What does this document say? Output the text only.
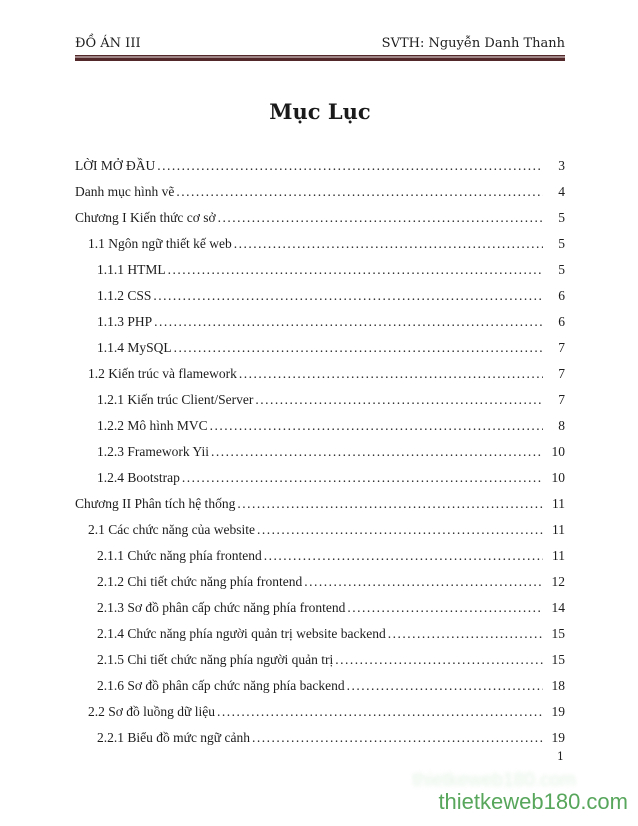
ĐỒ ÁN III	SVTH: Nguyễn Danh Thanh
Mục Lục
LỜI MỞ ĐẦU .....	3
Danh mục hình vẽ .....	4
Chương I Kiến thức cơ sở .....	5
1.1 Ngôn ngữ thiết kế web .....	5
1.1.1 HTML .....	5
1.1.2 CSS .....	6
1.1.3 PHP .....	6
1.1.4 MySQL .....	7
1.2 Kiến trúc và flamework .....	7
1.2.1 Kiến trúc Client/Server .....	7
1.2.2 Mô hình MVC .....	8
1.2.3 Framework Yii .....	10
1.2.4 Bootstrap .....	10
Chương II Phân tích hệ thống .....	11
2.1 Các chức năng của website .....	11
2.1.1 Chức năng phía frontend .....	11
2.1.2 Chi tiết chức năng phía frontend .....	12
2.1.3 Sơ đồ phân cấp chức năng phía frontend .....	14
2.1.4 Chức năng phía người quản trị website backend .....	15
2.1.5 Chi tiết chức năng phía người quản trị .....	15
2.1.6 Sơ đồ phân cấp chức năng phía backend .....	18
2.2 Sơ đồ luồng dữ liệu .....	19
2.2.1 Biểu đồ mức ngữ cảnh .....	19
1
thietkeweb180.com
thietkeweb180.com
